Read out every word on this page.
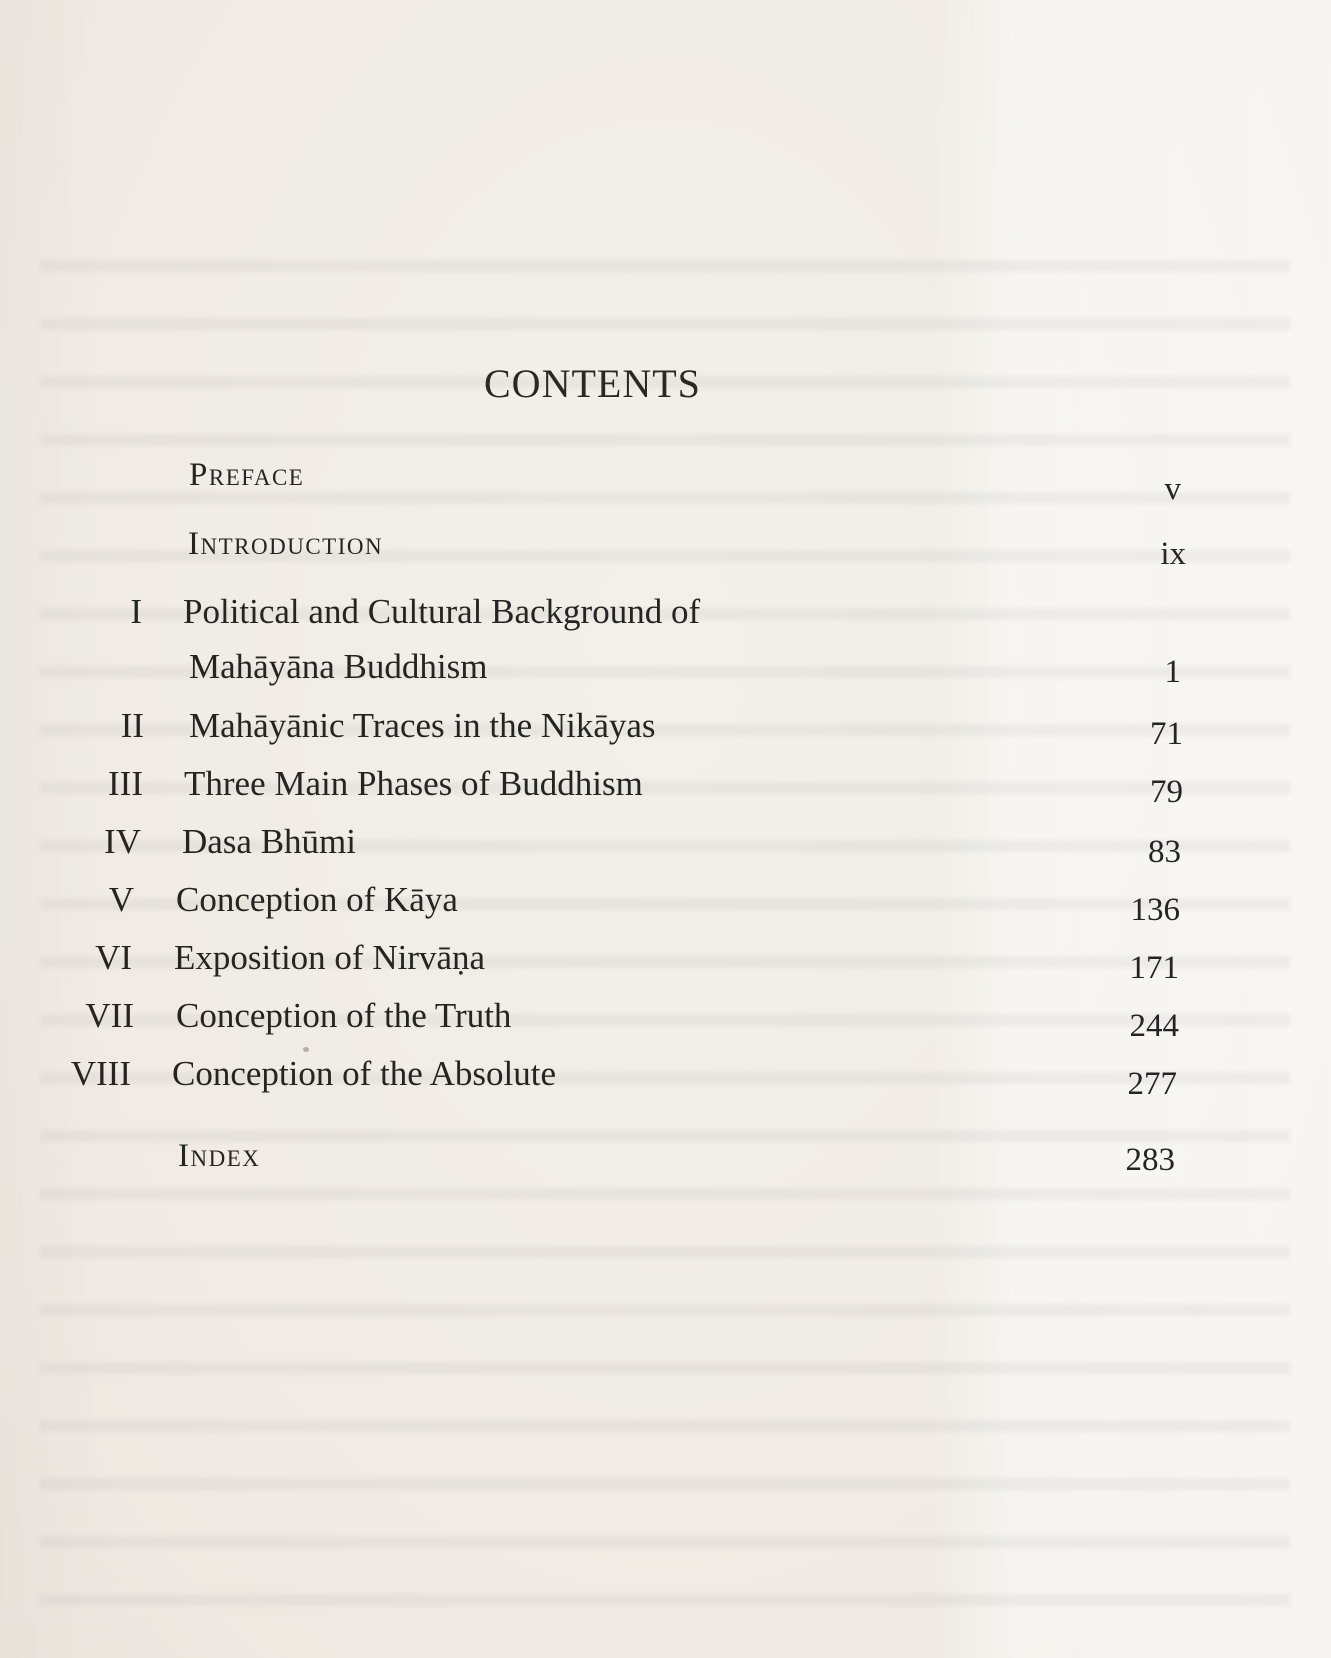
CONTENTS
Preface	v
Introduction	ix
I Political and Cultural Background of
Mahāyāna Buddhism	1
II Mahāyānic Traces in the Nikāyas	71
III Three Main Phases of Buddhism	79
IV Dasa Bhūmi	83
V Conception of Kāya	136
VI Exposition of Nirvāṇa	171
VII Conception of the Truth	244
VIII Conception of the Absolute	277
Index	283
